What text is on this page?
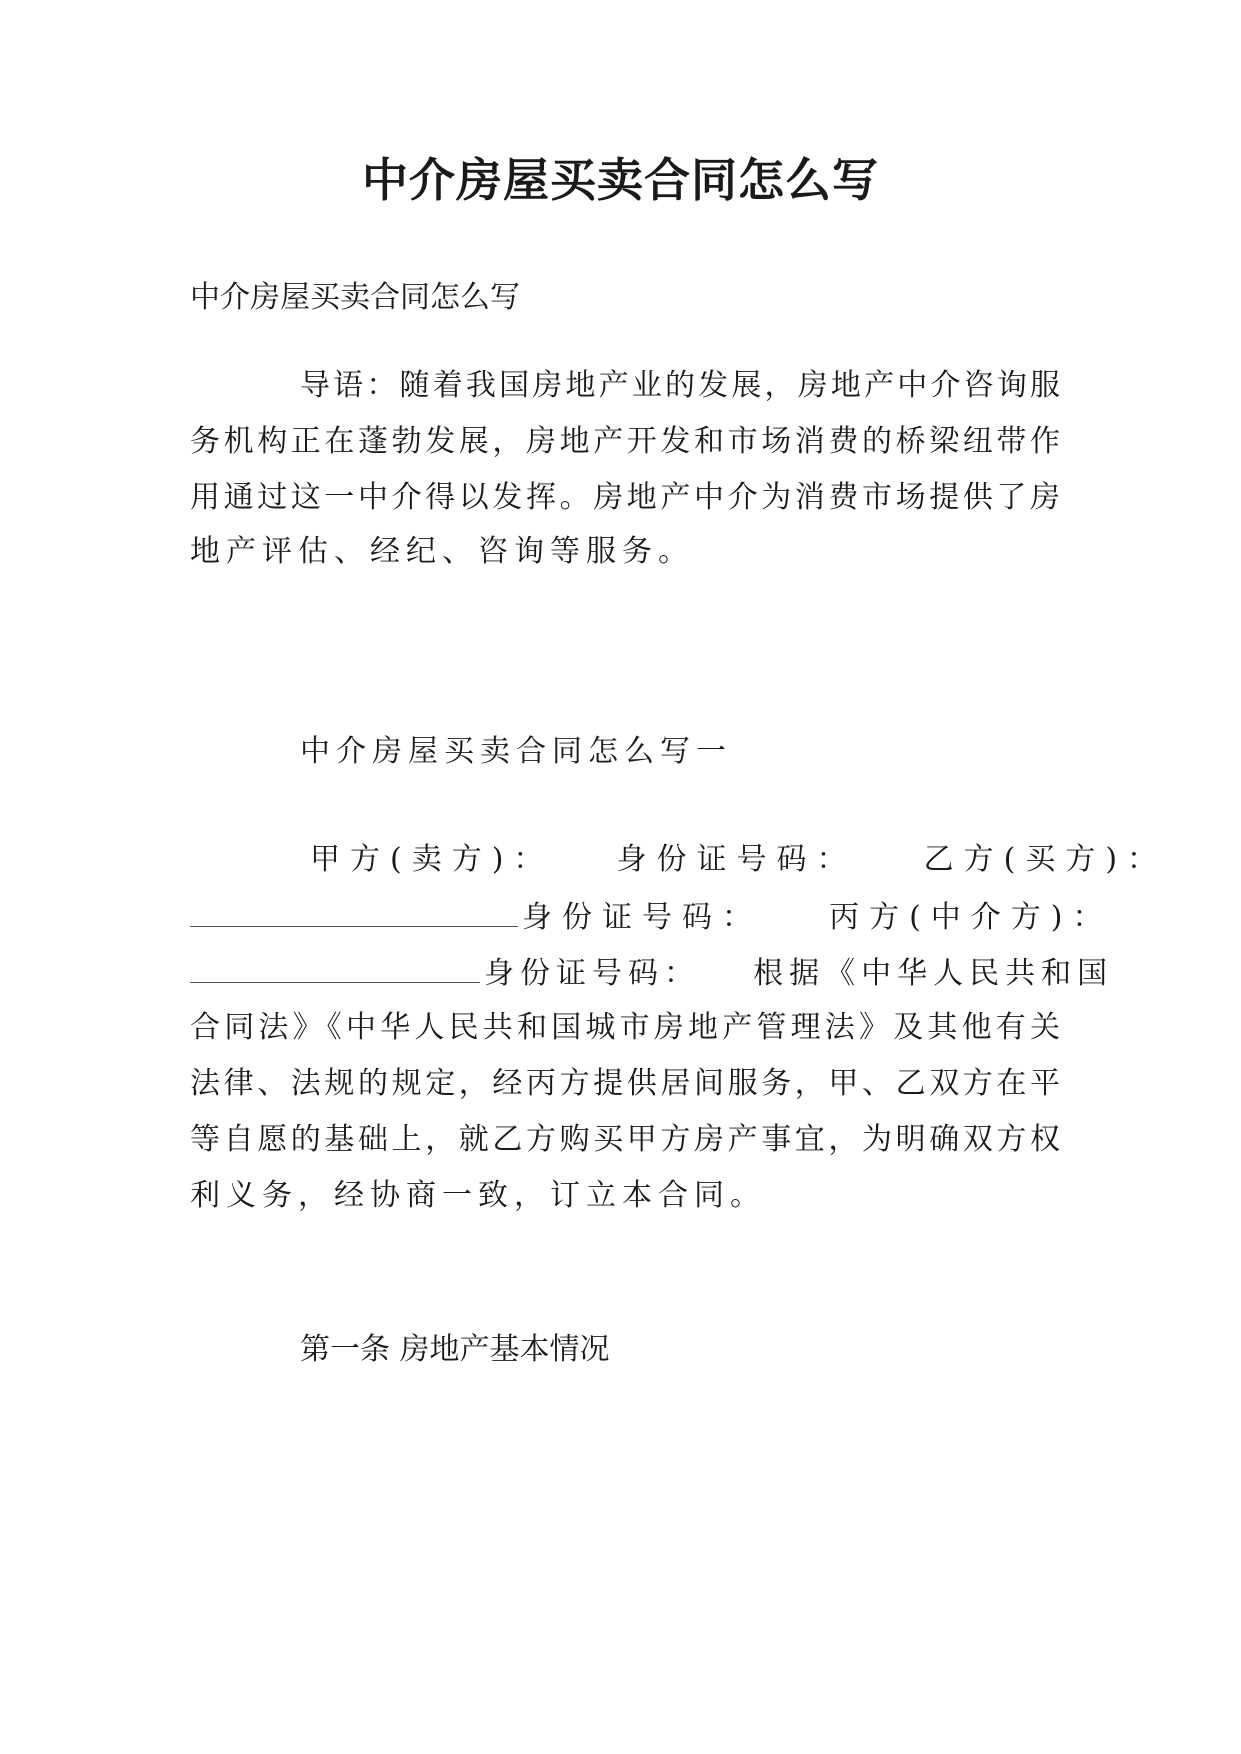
中介房屋买卖合同怎么写

中介房屋买卖合同怎么写

导语：随着我国房地产业的发展，房地产中介咨询服

务机构正在蓬勃发展，房地产开发和市场消费的桥梁纽带作

用通过这一中介得以发挥。房地产中介为消费市场提供了房

地产评估、经纪、咨询等服务。

中介房屋买卖合同怎么写一

甲方(卖方)： 身份证号码： 乙方(买方)：

身份证号码： 丙方(中介方)：

身份证号码： 根据《中华人民共和国

合同法》《中华人民共和国城市房地产管理法》及其他有关

法律、法规的规定，经丙方提供居间服务，甲、乙双方在平

等自愿的基础上，就乙方购买甲方房产事宜，为明确双方权

利义务，经协商一致，订立本合同。

第一条 房地产基本情况
